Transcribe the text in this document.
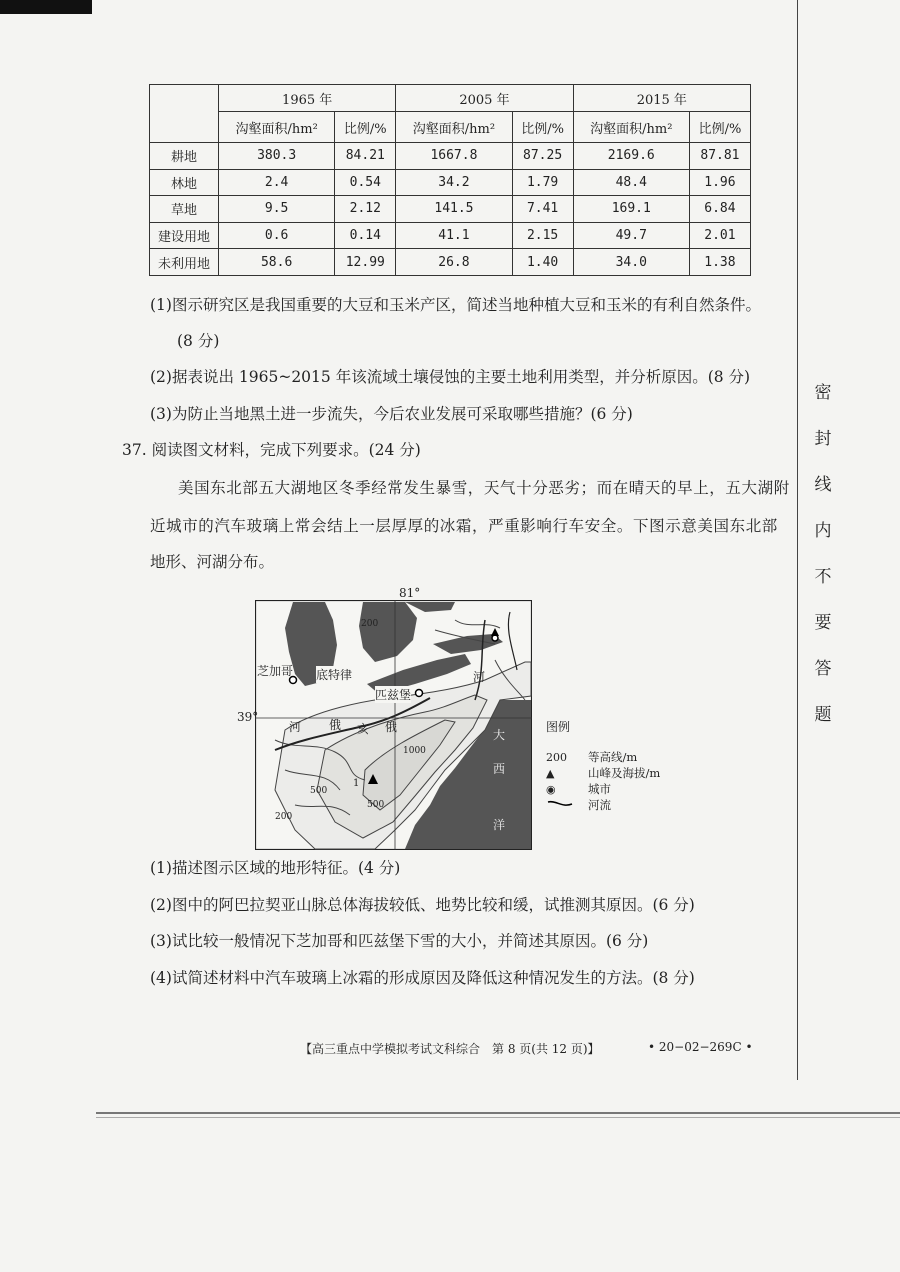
	1965 年		2005 年		2015 年	
	沟壑面积/hm²	比例/%	沟壑面积/hm²	比例/%	沟壑面积/hm²	比例/%
耕地	380.3	84.21	1667.8	87.25	2169.6	87.81
林地	2.4	0.54	34.2	1.79	48.4	1.96
草地	9.5	2.12	141.5	7.41	169.1	6.84
建设用地	0.6	0.14	41.1	2.15	49.7	2.01
未利用地	58.6	12.99	26.8	1.40	34.0	1.38
(1)图示研究区是我国重要的大豆和玉米产区，简述当地种植大豆和玉米的有利自然条件。
(8 分)
(2)据表说出 1965~2015 年该流域土壤侵蚀的主要土地利用类型，并分析原因。(8 分)
(3)为防止当地黑土进一步流失，今后农业发展可采取哪些措施？(6 分)
37. 阅读图文材料，完成下列要求。(24 分)
美国东北部五大湖地区冬季经常发生暴雪，天气十分恶劣；而在晴天的早上，五大湖附
近城市的汽车玻璃上常会结上一层厚厚的冰霜，严重影响行车安全。下图示意美国东北部
地形、河湖分布。
81°
39°
芝加哥 底特律
匹兹堡
俄 亥 俄
河
河
大
西
洋
1
200
500
1000
500
200
图例
200	等高线/m
▲	山峰及海拔/m
◉	城市
河流
(1)描述图示区域的地形特征。(4 分)
(2)图中的阿巴拉契亚山脉总体海拔较低、地势比较和缓，试推测其原因。(6 分)
(3)试比较一般情况下芝加哥和匹兹堡下雪的大小，并简述其原因。(6 分)
(4)试简述材料中汽车玻璃上冰霜的形成原因及降低这种情况发生的方法。(8 分)
【高三重点中学模拟考试文科综合　第 8 页(共 12 页)】	• 20−02−269C •
密
封
线
内
不
要
答
题
